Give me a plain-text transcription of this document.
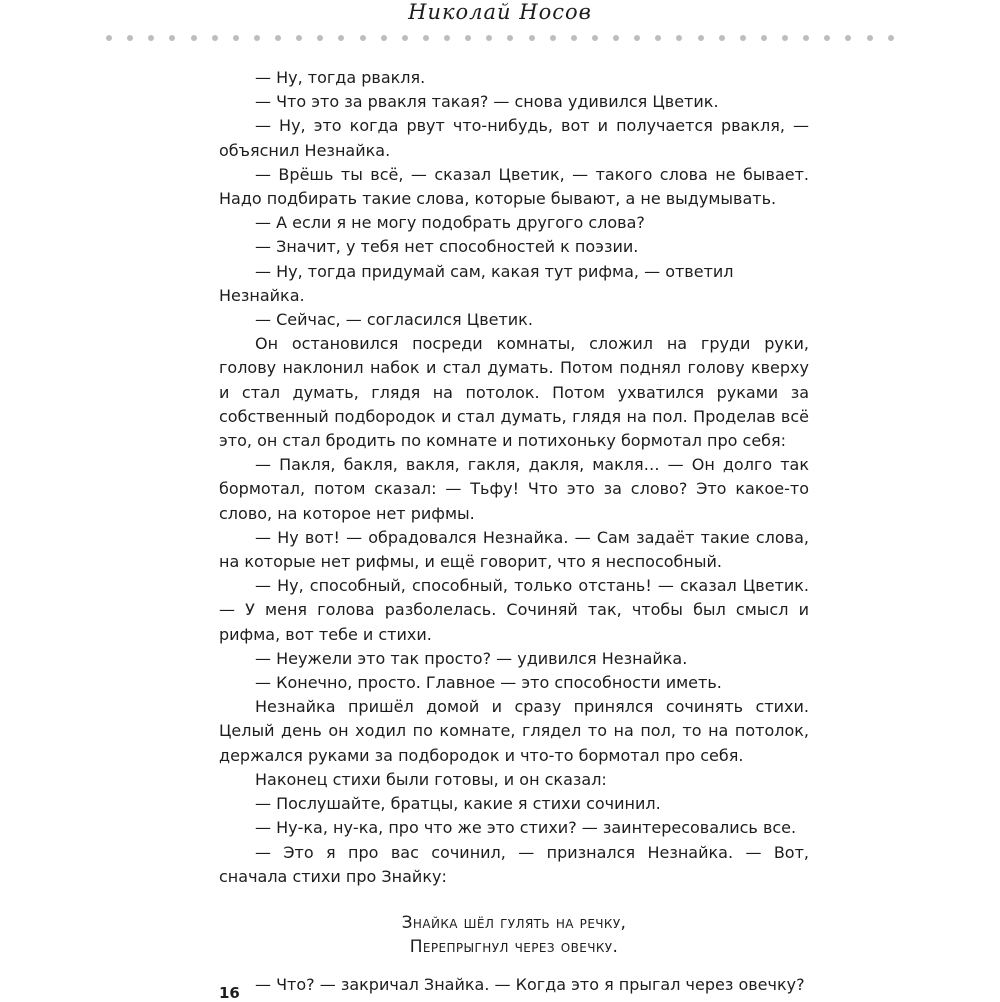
Николай Носов

— Ну, тогда рвакля.

— Что это за рвакля такая? — снова удивился Цветик.

— Ну, это когда рвут что-нибудь, вот и получается рвакля, — объяснил Незнайка.

— Врёшь ты всё, — сказал Цветик, — такого слова не бывает. Надо подбирать такие слова, которые бывают, а не выдумывать.

— А если я не могу подобрать другого слова?

— Значит, у тебя нет способностей к поэзии.

— Ну, тогда придумай сам, какая тут рифма, — ответил Незнайка.

— Сейчас, — согласился Цветик.

Он остановился посреди комнаты, сложил на груди руки, голову наклонил набок и стал думать. Потом поднял голову кверху и стал думать, глядя на потолок. Потом ухватился руками за собственный подбородок и стал думать, глядя на пол. Проделав всё это, он стал бродить по комнате и потихоньку бормотал про себя:

— Пакля, бакля, вакля, гакля, дакля, макля… — Он долго так бормотал, потом сказал: — Тьфу! Что это за слово? Это какое-то слово, на которое нет рифмы.

— Ну вот! — обрадовался Незнайка. — Сам задаёт такие слова, на которые нет рифмы, и ещё говорит, что я неспособный.

— Ну, способный, способный, только отстань! — сказал Цветик. — У меня голова разболелась. Сочиняй так, чтобы был смысл и рифма, вот тебе и стихи.

— Неужели это так просто? — удивился Незнайка.

— Конечно, просто. Главное — это способности иметь.

Незнайка пришёл домой и сразу принялся сочинять стихи. Целый день он ходил по комнате, глядел то на пол, то на потолок, держался руками за подбородок и что-то бормотал про себя.

Наконец стихи были готовы, и он сказал:

— Послушайте, братцы, какие я стихи сочинил.

— Ну-ка, ну-ка, про что же это стихи? — заинтересовались все.

— Это я про вас сочинил, — признался Незнайка. — Вот, сначала стихи про Знайку:

Знайка шёл гулять на речку,
Перепрыгнул через овечку.

— Что? — закричал Знайка. — Когда это я прыгал через овечку?

16
